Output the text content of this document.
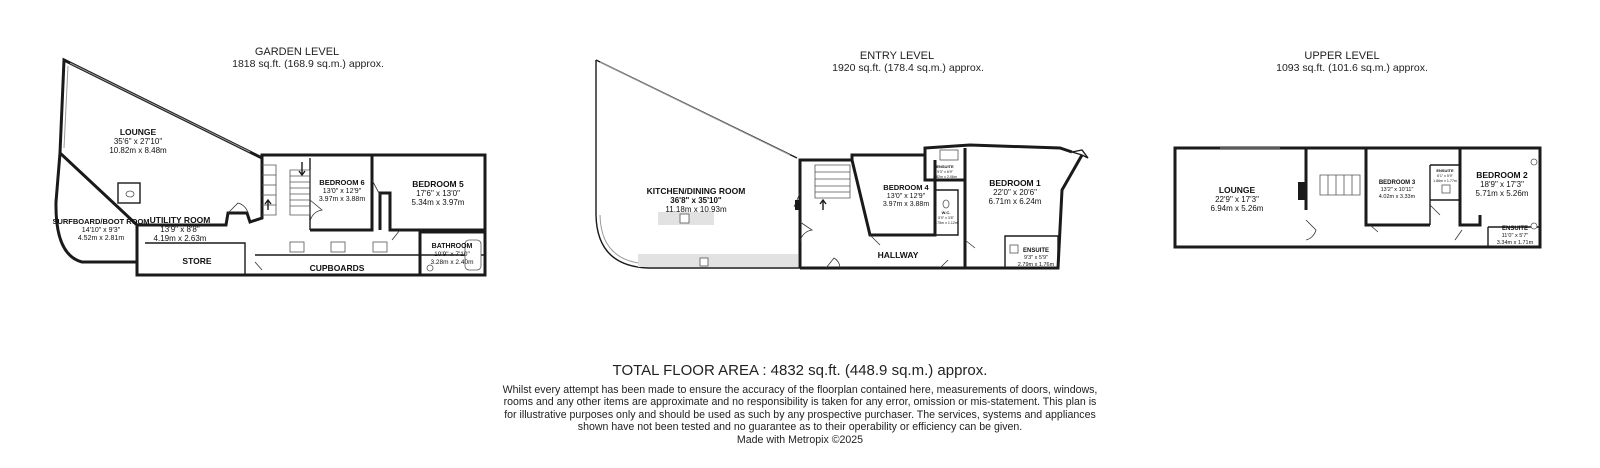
GARDEN LEVEL
1818 sq.ft. (168.9 sq.m.) approx.
ENTRY LEVEL
1920 sq.ft. (178.4 sq.m.) approx.
UPPER LEVEL
1093 sq.ft. (101.6 sq.m.) approx.
LOUNGE
35'6" x 27'10"
10.82m x 8.48m
SURFBOARD/BOOT ROOM
14'10" x 9'3"
4.52m x 2.81m
UTILITY ROOM
13'9" x 8'8"
4.19m x 2.63m
STORE
CUPBOARDS
BEDROOM 6
13'0" x 12'9"
3.97m x 3.88m
BEDROOM 5
17'6" x 13'0"
5.34m x 3.97m
BATHROOM
10'9" x 7'10"
3.28m x 2.40m
KITCHEN/DINING ROOM
36'8" x 35'10"
11.18m x 10.93m
BEDROOM 4
13'0" x 12'9"
3.97m x 3.88m
BEDROOM 1
22'0" x 20'6"
6.71m x 6.24m
ENSUITE
9'3" x 6'9"
2.82m x 2.06m
W.C.
5'9" x 3'8"
1.75m x 1.12m
HALLWAY	ENSUITE
9'3" x 5'9"
2.79m x 1.76m
LOUNGE
22'9" x 17'3"
6.94m x 5.26m
BEDROOM 3
13'2" x 10'11"
4.02m x 3.33m
ENSUITE
6'1" x 5'9"
1.86m x 1.77m
BEDROOM 2
18'9" x 17'3"
5.71m x 5.26m
ENSUITE
11'0" x 5'7"
3.34m x 1.71m
TOTAL FLOOR AREA : 4832 sq.ft. (448.9 sq.m.) approx.

Whilst every attempt has been made to ensure the accuracy of the floorplan contained here, measurements of doors, windows, rooms and any other items are approximate and no responsibility is taken for any error, omission or mis-statement. This plan is for illustrative purposes only and should be used as such by any prospective purchaser. The services, systems and appliances shown have not been tested and no guarantee as to their operability or efficiency can be given.

Made with Metropix ©2025
